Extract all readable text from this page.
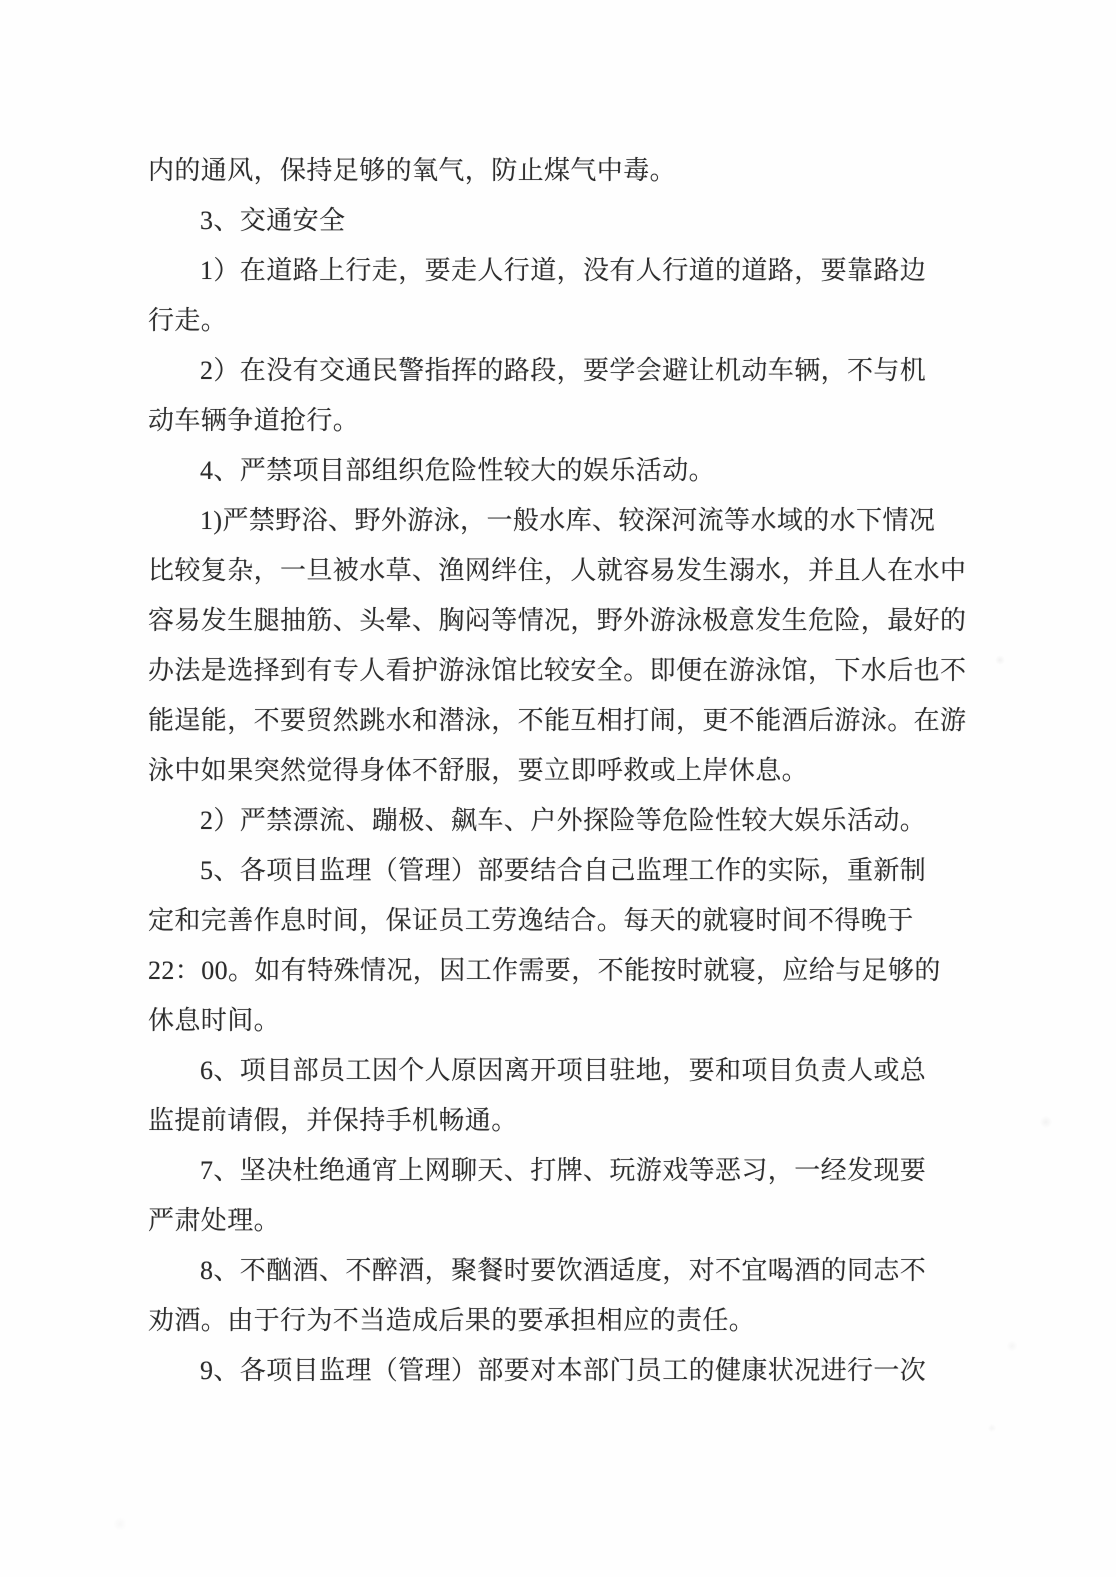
内的通风，保持足够的氧气，防止煤气中毒。
3、交通安全
1）在道路上行走，要走人行道，没有人行道的道路，要靠路边
行走。
2）在没有交通民警指挥的路段，要学会避让机动车辆，不与机
动车辆争道抢行。
4、严禁项目部组织危险性较大的娱乐活动。
1)严禁野浴、野外游泳，一般水库、较深河流等水域的水下情况
比较复杂，一旦被水草、渔网绊住，人就容易发生溺水，并且人在水中
容易发生腿抽筋、头晕、胸闷等情况，野外游泳极意发生危险，最好的
办法是选择到有专人看护游泳馆比较安全。即便在游泳馆，下水后也不
能逞能，不要贸然跳水和潜泳，不能互相打闹，更不能酒后游泳。在游
泳中如果突然觉得身体不舒服，要立即呼救或上岸休息。
2）严禁漂流、蹦极、飙车、户外探险等危险性较大娱乐活动。
5、各项目监理（管理）部要结合自己监理工作的实际，重新制
定和完善作息时间，保证员工劳逸结合。每天的就寝时间不得晚于
22：00。如有特殊情况，因工作需要，不能按时就寝，应给与足够的
休息时间。
6、项目部员工因个人原因离开项目驻地，要和项目负责人或总
监提前请假，并保持手机畅通。
7、坚决杜绝通宵上网聊天、打牌、玩游戏等恶习，一经发现要
严肃处理。
8、不酗酒、不醉酒，聚餐时要饮酒适度，对不宜喝酒的同志不
劝酒。由于行为不当造成后果的要承担相应的责任。
9、各项目监理（管理）部要对本部门员工的健康状况进行一次
